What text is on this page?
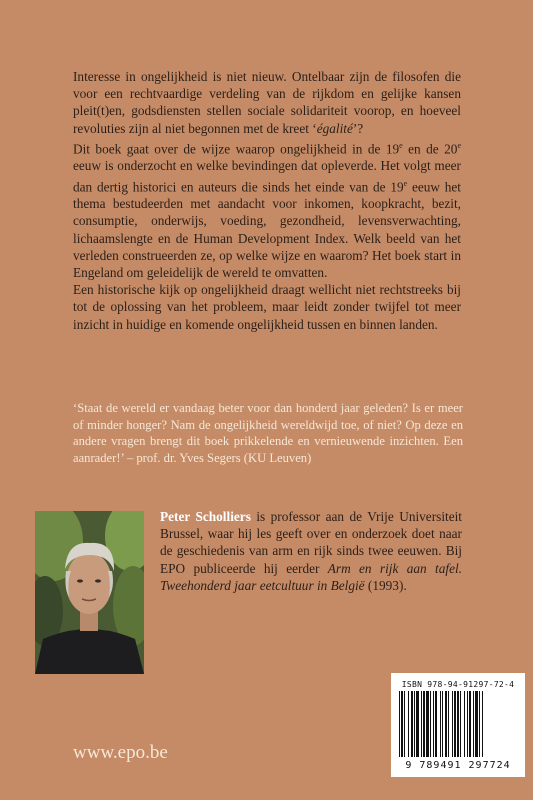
Interesse in ongelijkheid is niet nieuw. Ontelbaar zijn de filosofen die voor een rechtvaardige verdeling van de rijkdom en gelijke kansen pleit(t)en, godsdiensten stellen sociale solidariteit voorop, en hoeveel revoluties zijn al niet begonnen met de kreet ‘égalité’?

Dit boek gaat over de wijze waarop ongelijkheid in de 19e en de 20e eeuw is onderzocht en welke bevindingen dat opleverde. Het volgt meer dan dertig historici en auteurs die sinds het einde van de 19e eeuw het thema bestudeerden met aandacht voor inkomen, koopkracht, bezit, consumptie, onderwijs, voeding, gezondheid, levensverwachting, lichaamslengte en de Human Development Index. Welk beeld van het verleden construeerden ze, op welke wijze en waarom? Het boek start in Engeland om geleidelijk de wereld te omvatten.

Een historische kijk op ongelijkheid draagt wellicht niet rechtstreeks bij tot de oplossing van het probleem, maar leidt zonder twijfel tot meer inzicht in huidige en komende ongelijkheid tussen en binnen landen.

‘Staat de wereld er vandaag beter voor dan honderd jaar geleden? Is er meer of minder honger? Nam de ongelijkheid wereldwijd toe, of niet? Op deze en andere vragen brengt dit boek prikkelende en vernieuwende inzichten. Een aanrader!’ – prof. dr. Yves Segers (KU Leuven)
Peter Scholliers is professor aan de Vrije Universiteit Brussel, waar hij les geeft over en onderzoek doet naar de geschiedenis van arm en rijk sinds twee eeuwen. Bij EPO publiceerde hij eerder Arm en rijk aan tafel. Tweehonderd jaar eetcultuur in België (1993).
ISBN 978-94-91297-72-4
9 789491 297724
www.epo.be
